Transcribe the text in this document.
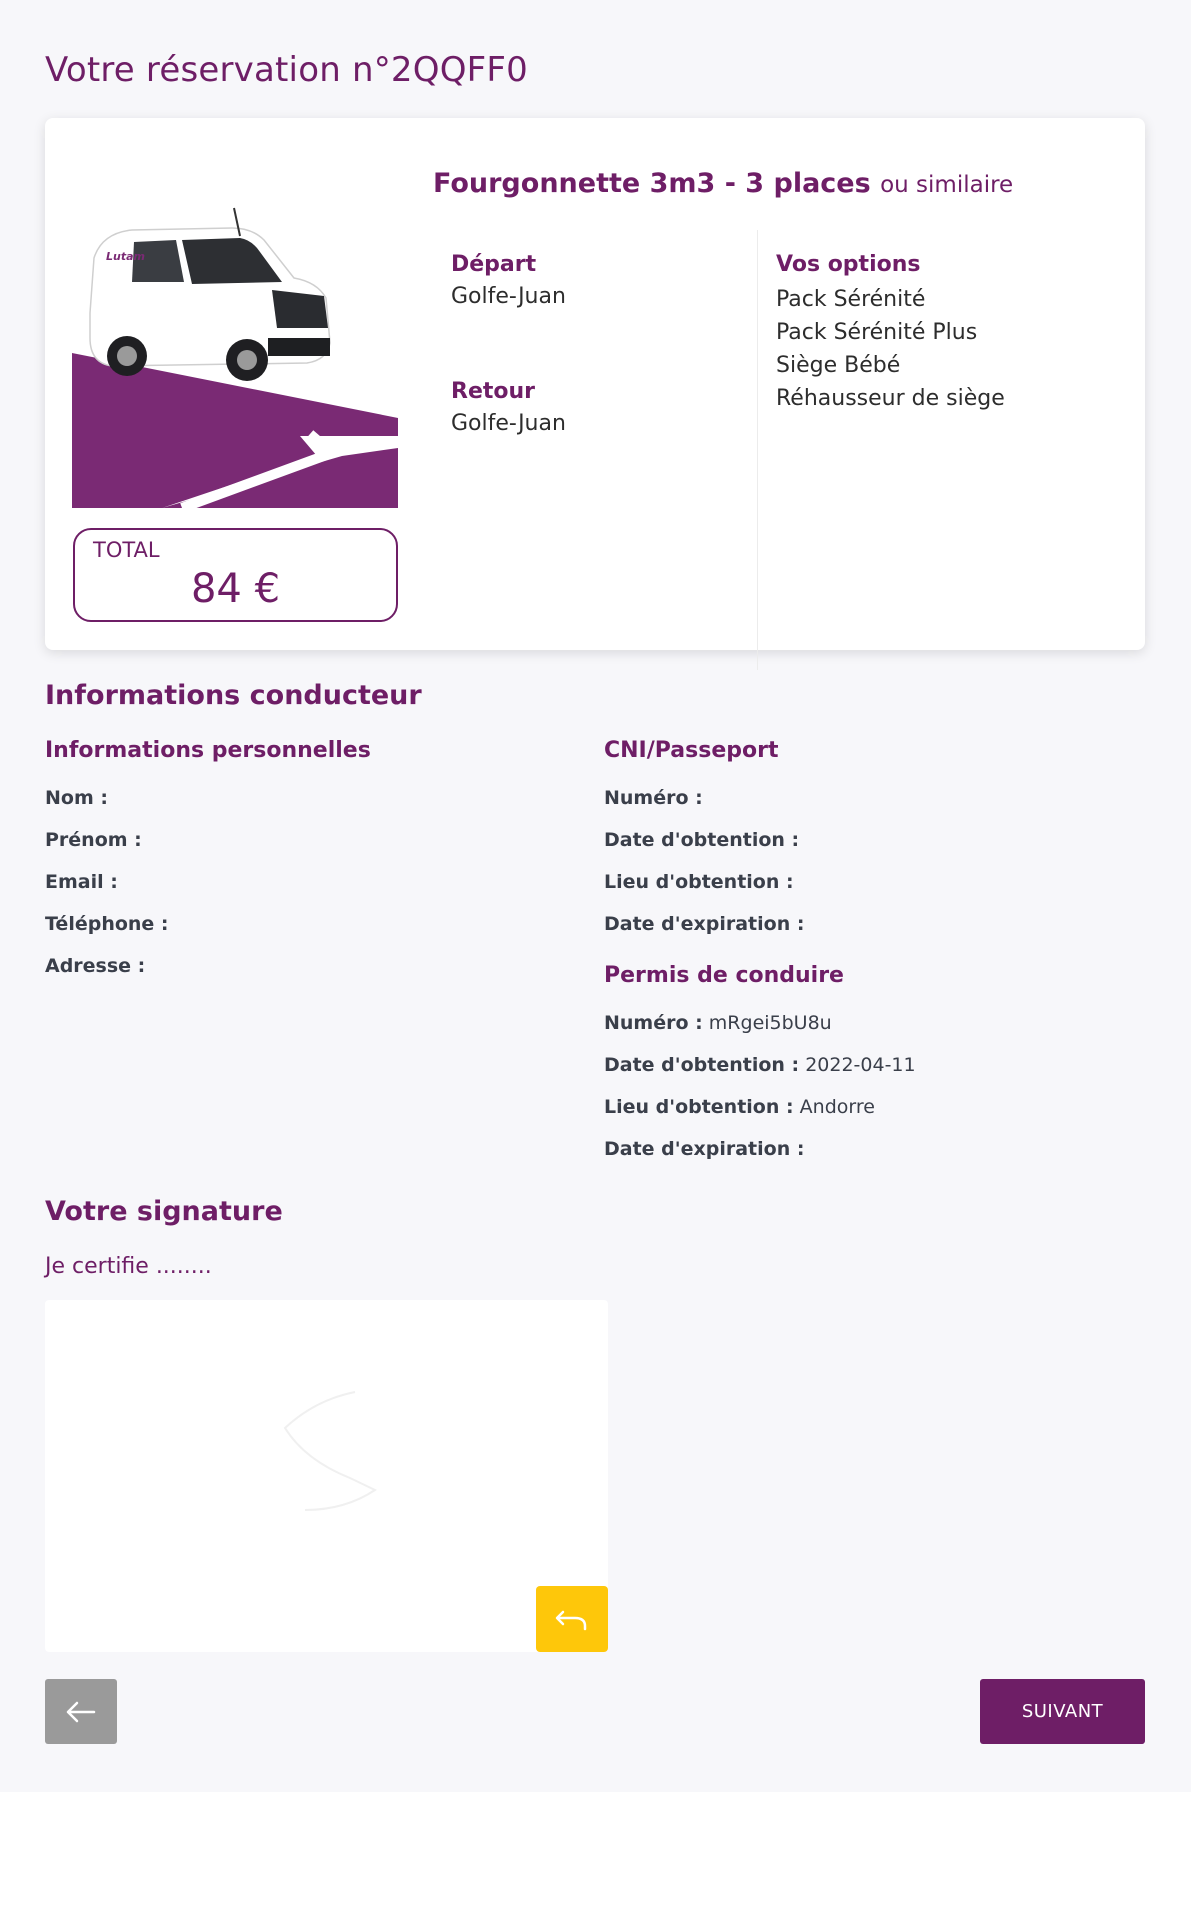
Votre réservation n°2QQFF0
Lutam
TOTAL
84 €
Fourgonnette 3m3 - 3 places ou similaire
Départ
Golfe-Juan
Retour
Golfe-Juan
Vos options
Pack Sérénité
Pack Sérénité Plus
Siège Bébé
Réhausseur de siège
Informations conducteur
Informations personnelles
Nom :
Prénom :
Email :
Téléphone :
Adresse :
CNI/Passeport
Numéro :
Date d'obtention :
Lieu d'obtention :
Date d'expiration :
Permis de conduire
Numéro : mRgei5bU8u
Date d'obtention : 2022-04-11
Lieu d'obtention : Andorre
Date d'expiration :
Votre signature
Je certifie ........
SUIVANT
